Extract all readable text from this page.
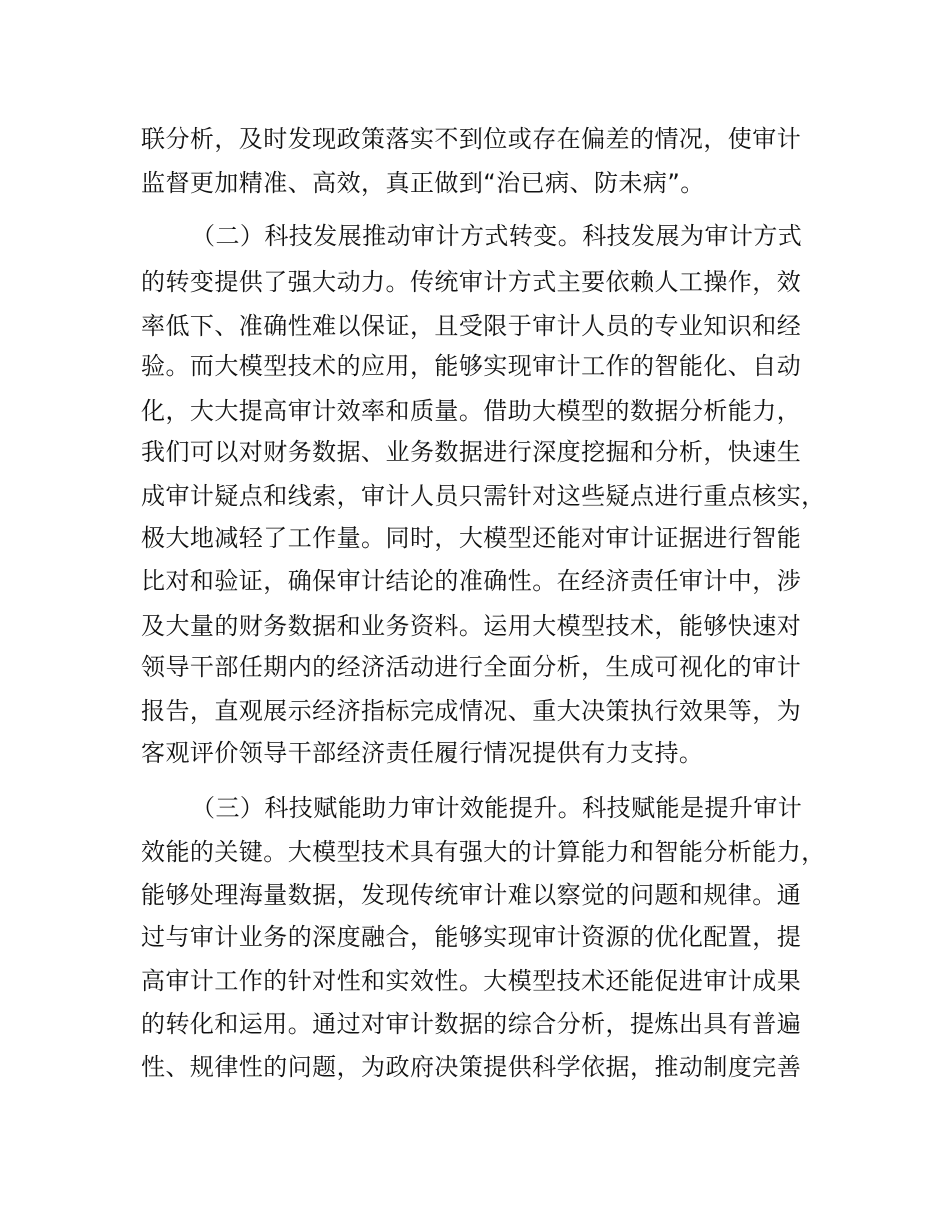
联分析，及时发现政策落实不到位或存在偏差的情况，使审计
监督更加精准、高效，真正做到“治已病、防未病”。
（二）科技发展推动审计方式转变。科技发展为审计方式
的转变提供了强大动力。传统审计方式主要依赖人工操作，效
率低下、准确性难以保证，且受限于审计人员的专业知识和经
验。而大模型技术的应用，能够实现审计工作的智能化、自动
化，大大提高审计效率和质量。借助大模型的数据分析能力，
我们可以对财务数据、业务数据进行深度挖掘和分析，快速生
成审计疑点和线索，审计人员只需针对这些疑点进行重点核实，
极大地减轻了工作量。同时，大模型还能对审计证据进行智能
比对和验证，确保审计结论的准确性。在经济责任审计中，涉
及大量的财务数据和业务资料。运用大模型技术，能够快速对
领导干部任期内的经济活动进行全面分析，生成可视化的审计
报告，直观展示经济指标完成情况、重大决策执行效果等，为
客观评价领导干部经济责任履行情况提供有力支持。
（三）科技赋能助力审计效能提升。科技赋能是提升审计
效能的关键。大模型技术具有强大的计算能力和智能分析能力，
能够处理海量数据，发现传统审计难以察觉的问题和规律。通
过与审计业务的深度融合，能够实现审计资源的优化配置，提
高审计工作的针对性和实效性。大模型技术还能促进审计成果
的转化和运用。通过对审计数据的综合分析，提炼出具有普遍
性、规律性的问题，为政府决策提供科学依据，推动制度完善
